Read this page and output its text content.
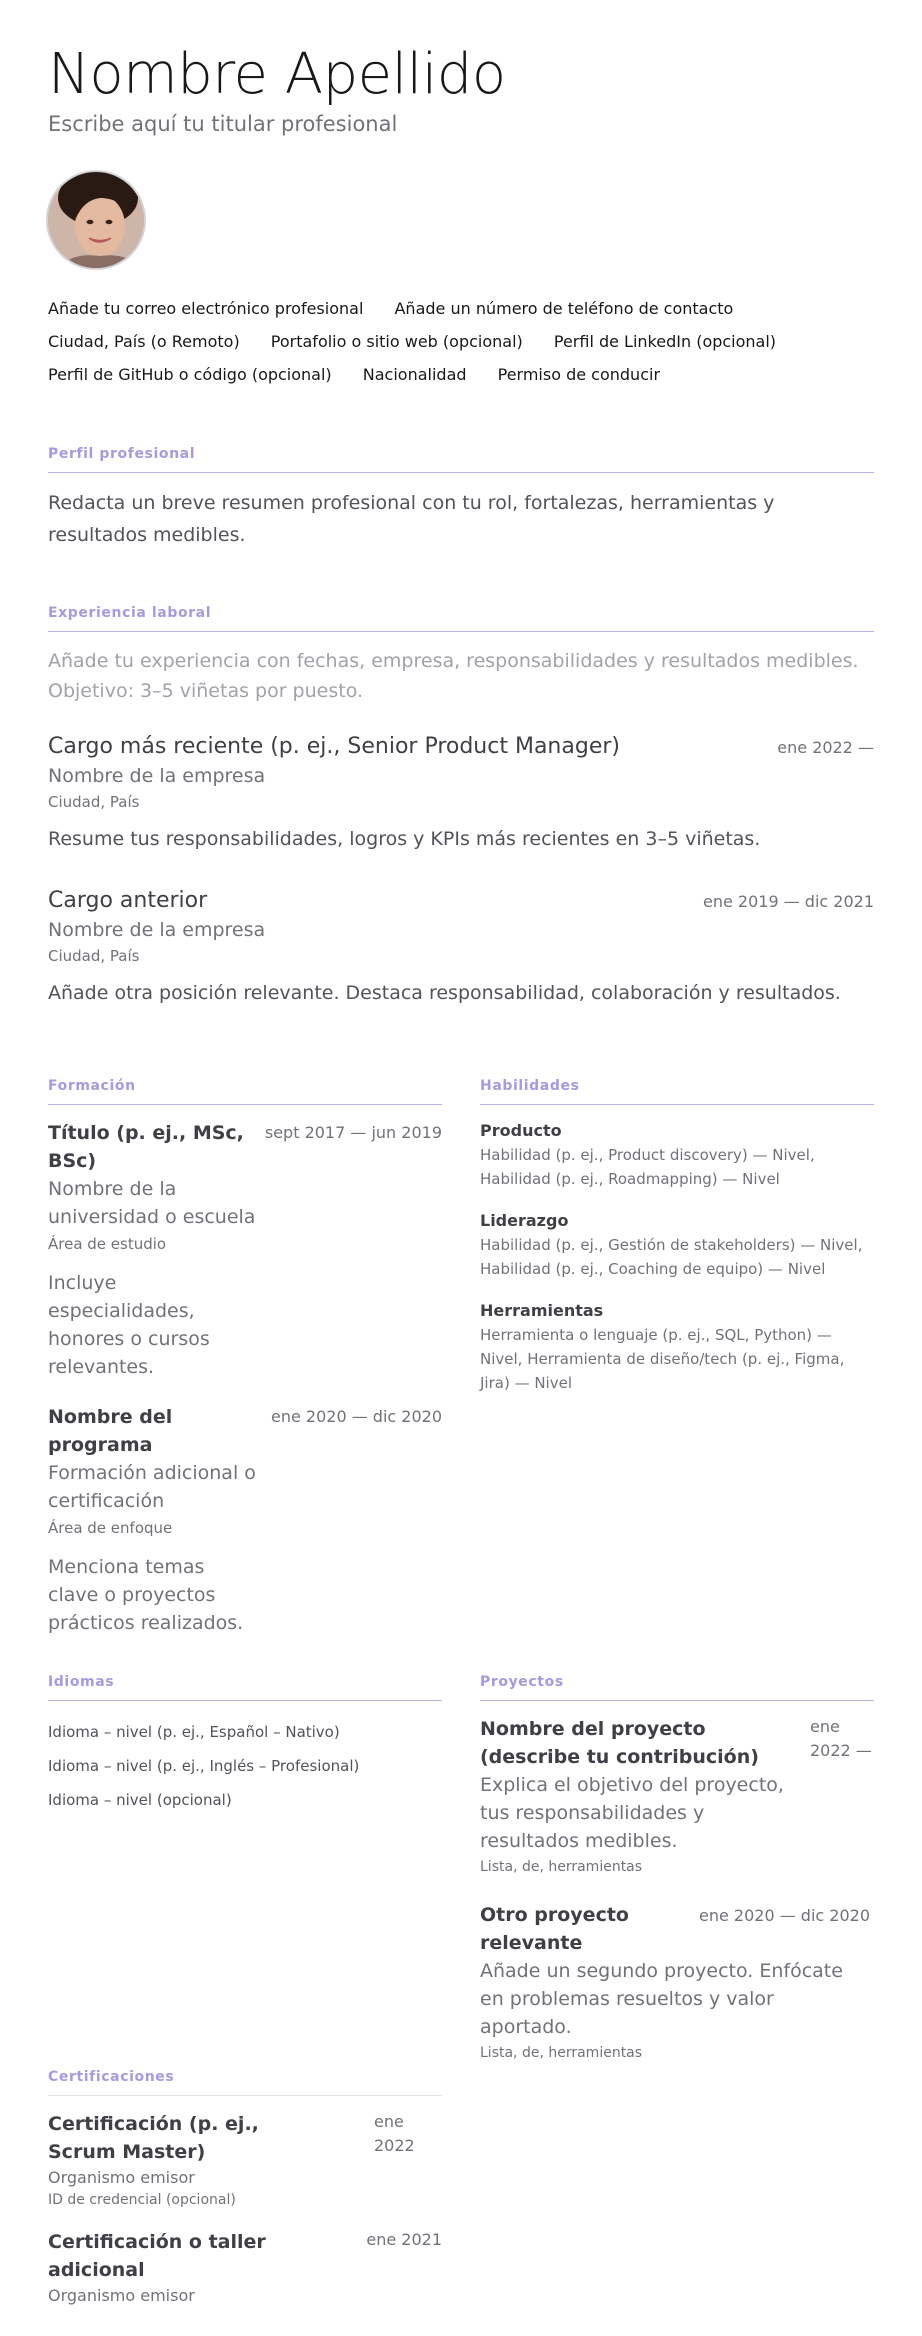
Nombre Apellido
Escribe aquí tu titular profesional
Añade tu correo electrónico profesional Añade un número de teléfono de contacto
Ciudad, País (o Remoto) Portafolio o sitio web (opcional) Perfil de LinkedIn (opcional)
Perfil de GitHub o código (opcional) Nacionalidad Permiso de conducir
Perfil profesional
Redacta un breve resumen profesional con tu rol, fortalezas, herramientas y resultados medibles.
Experiencia laboral
Añade tu experiencia con fechas, empresa, responsabilidades y resultados medibles. Objetivo: 3–5 viñetas por puesto.
Cargo más reciente (p. ej., Senior Product Manager)	ene 2022 —
Nombre de la empresa
Ciudad, País
Resume tus responsabilidades, logros y KPIs más recientes en 3–5 viñetas.
Cargo anterior	ene 2019 — dic 2021
Nombre de la empresa
Ciudad, País
Añade otra posición relevante. Destaca responsabilidad, colaboración y resultados.
Formación
Título (p. ej., MSc, BSc)
Nombre de la universidad o escuela
Área de estudio
Incluye especialidades, honores o cursos relevantes.
sept 2017 — jun 2019
Nombre del programa
Formación adicional o certificación
Área de enfoque
Menciona temas clave o proyectos prácticos realizados.
ene 2020 — dic 2020
Habilidades
Producto
Habilidad (p. ej., Product discovery) — Nivel, Habilidad (p. ej., Roadmapping) — Nivel
Liderazgo
Habilidad (p. ej., Gestión de stakeholders) — Nivel, Habilidad (p. ej., Coaching de equipo) — Nivel
Herramientas
Herramienta o lenguaje (p. ej., SQL, Python) — Nivel, Herramienta de diseño/tech (p. ej., Figma, Jira) — Nivel
Idiomas
Idioma – nivel (p. ej., Español – Nativo)
Idioma – nivel (p. ej., Inglés – Profesional)
Idioma – nivel (opcional)
Proyectos
Nombre del proyecto (describe tu contribución)
Explica el objetivo del proyecto, tus responsabilidades y resultados medibles.
Lista, de, herramientas
ene 2022 —
Otro proyecto relevante
ene 2020 — dic 2020
Añade un segundo proyecto. Enfócate en problemas resueltos y valor aportado.
Lista, de, herramientas
Certificaciones
Certificación (p. ej., Scrum Master)
Organismo emisor
ID de credencial (opcional)
ene 2022
Certificación o taller adicional
Organismo emisor
ene 2021
